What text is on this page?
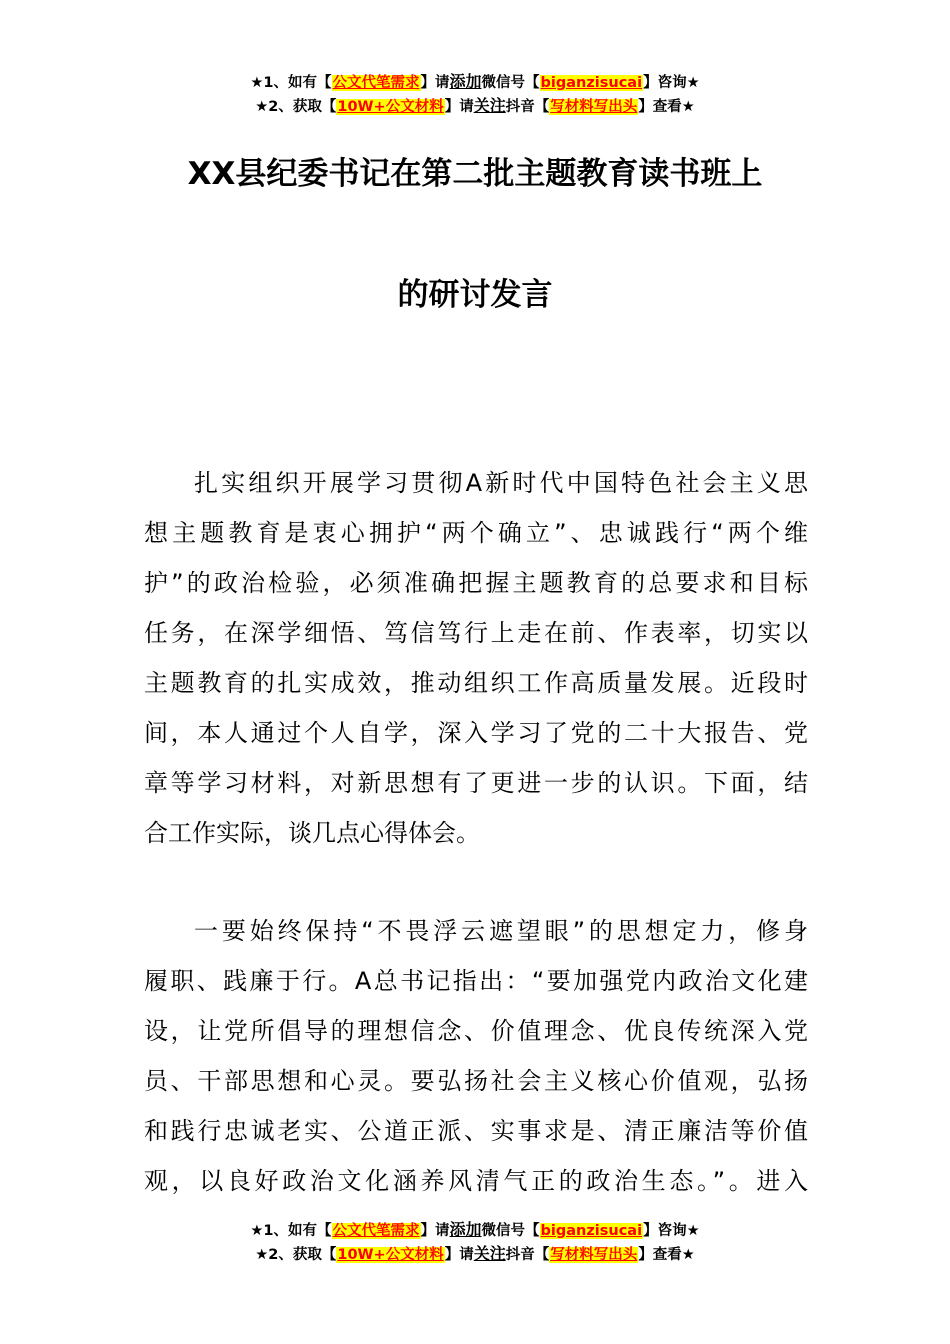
★1、如有【公文代笔需求】请添加微信号【biganzisucai】咨询★
★2、获取【10W+公文材料】请关注抖音【写材料写出头】查看★
XX县纪委书记在第二批主题教育读书班上
的研讨发言
扎实组织开展学习贯彻A新时代中国特色社会主义思
想主题教育是衷心拥护“两个确立”、忠诚践行“两个维
护”的政治检验，必须准确把握主题教育的总要求和目标
任务，在深学细悟、笃信笃行上走在前、作表率，切实以
主题教育的扎实成效，推动组织工作高质量发展。近段时
间，本人通过个人自学，深入学习了党的二十大报告、党
章等学习材料，对新思想有了更进一步的认识。下面，结
合工作实际，谈几点心得体会。
一要始终保持“不畏浮云遮望眼”的思想定力，修身
履职、践廉于行。A总书记指出：“要加强党内政治文化建
设，让党所倡导的理想信念、价值理念、优良传统深入党
员、干部思想和心灵。要弘扬社会主义核心价值观，弘扬
和践行忠诚老实、公道正派、实事求是、清正廉洁等价值
观，以良好政治文化涵养风清气正的政治生态。”。进入
★1、如有【公文代笔需求】请添加微信号【biganzisucai】咨询★
★2、获取【10W+公文材料】请关注抖音【写材料写出头】查看★
